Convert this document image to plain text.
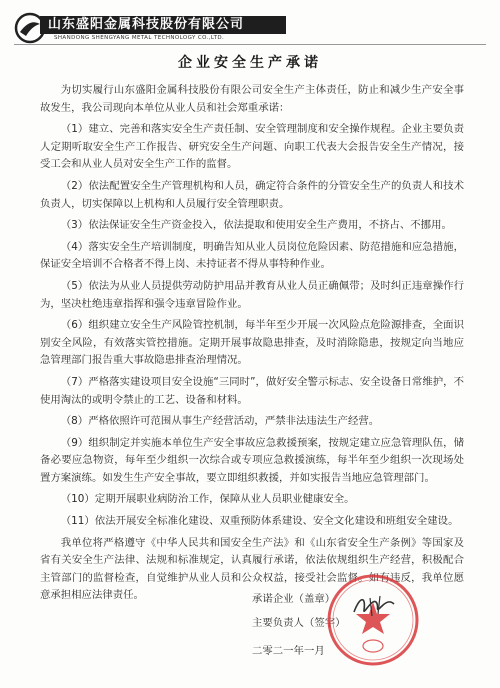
山东盛阳金属科技股份有限公司
SHANDONG SHENGYANG METAL TECHNOLOGY CO.,LTD.
企业安全生产承诺

为切实履行山东盛阳金属科技股份有限公司安全生产主体责任，防止和减少生产安全事故发生，我公司现向本单位从业人员和社会郑重承诺：

（1）建立、完善和落实安全生产责任制、安全管理制度和安全操作规程。企业主要负责人定期听取安全生产工作报告、研究安全生产问题、向职工代表大会报告安全生产情况，接受工会和从业人员对安全生产工作的监督。

（2）依法配置安全生产管理机构和人员，确定符合条件的分管安全生产的负责人和技术负责人，切实保障以上机构和人员履行安全管理职责。

（3）依法保证安全生产资金投入，依法提取和使用安全生产费用，不挤占、不挪用。

（4）落实安全生产培训制度，明确告知从业人员岗位危险因素、防范措施和应急措施，保证安全培训不合格者不得上岗、未持证者不得从事特种作业。

（5）依法为从业人员提供劳动防护用品并教育从业人员正确佩带；及时纠正违章操作行为，坚决杜绝违章指挥和强令违章冒险作业。

（6）组织建立安全生产风险管控机制，每半年至少开展一次风险点危险源排查，全面识别安全风险，有效落实管控措施。定期开展事故隐患排查，及时消除隐患，按规定向当地应急管理部门报告重大事故隐患排查治理情况。

（7）严格落实建设项目安全设施“三同时”，做好安全警示标志、安全设备日常维护，不使用淘汰的或明令禁止的工艺、设备和材料。

（8）严格依照许可范围从事生产经营活动，严禁非法违法生产经营。

（9）组织制定并实施本单位生产安全事故应急救援预案，按规定建立应急管理队伍，储备必要应急物资，每年至少组织一次综合或专项应急救援演练，每半年至少组织一次现场处置方案演练。如发生生产安全事故，要立即组织救援，并如实报告当地应急管理部门。

（10）定期开展职业病防治工作，保障从业人员职业健康安全。

（11）依法开展安全标准化建设、双重预防体系建设、安全文化建设和班组安全建设。

我单位将严格遵守《中华人民共和国安全生产法》和《山东省安全生产条例》等国家及省有关安全生产法律、法规和标准规定，认真履行承诺，依法依规组织生产经营，积极配合主管部门的监督检查，自觉维护从业人员和公众权益，接受社会监督。如有违反，我单位愿意承担相应法律责任。	承诺企业（盖章）
主要负责人（签字）
二零二一年一月
